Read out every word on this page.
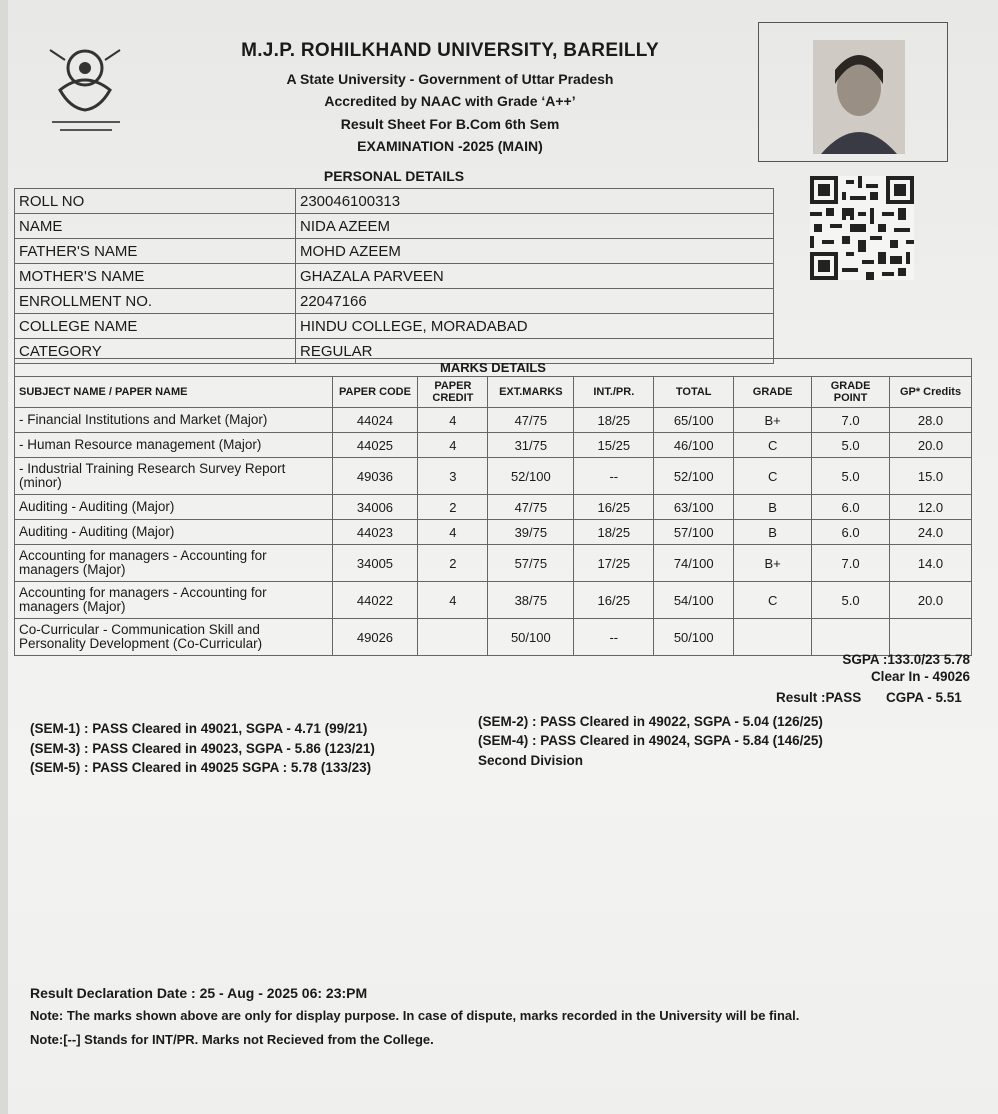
M.J.P. ROHILKHAND UNIVERSITY, BAREILLY
A State University - Government of Uttar Pradesh
Accredited by NAAC with Grade ‘A++’
Result Sheet For B.Com 6th Sem
EXAMINATION -2025 (MAIN)
PERSONAL DETAILS	
ROLL NO	230046100313
NAME	NIDA AZEEM
FATHER'S NAME	MOHD AZEEM
MOTHER'S NAME	GHAZALA PARVEEN
ENROLLMENT NO.	22047166
COLLEGE NAME	HINDU COLLEGE, MORADABAD
CATEGORY	REGULAR
MARKS DETAILS								
SUBJECT NAME / PAPER NAME	PAPER CODE	PAPER CREDIT	EXT.MARKS	INT./PR.	TOTAL	GRADE	GRADE POINT	GP* Credits
- Financial Institutions and Market (Major)	44024	4	47/75	18/25	65/100	B+	7.0	28.0
- Human Resource management (Major)	44025	4	31/75	15/25	46/100	C	5.0	20.0
- Industrial Training Research Survey Report (minor)	49036	3	52/100	--	52/100	C	5.0	15.0
Auditing - Auditing (Major)	34006	2	47/75	16/25	63/100	B	6.0	12.0
Auditing - Auditing (Major)	44023	4	39/75	18/25	57/100	B	6.0	24.0
Accounting for managers - Accounting for managers (Major)	34005	2	57/75	17/25	74/100	B+	7.0	14.0
Accounting for managers - Accounting for managers (Major)	44022	4	38/75	16/25	54/100	C	5.0	20.0
Co-Curricular - Communication Skill and Personality Development (Co-Curricular)	49026		50/100	--	50/100			
SGPA :133.0/23 5.78
Clear In - 49026
Result :PASS CGPA - 5.51
(SEM-1) : PASS Cleared in 49021, SGPA - 4.71 (99/21)
(SEM-3) : PASS Cleared in 49023, SGPA - 5.86 (123/21)
(SEM-5) : PASS Cleared in 49025 SGPA : 5.78 (133/23)
(SEM-2) : PASS Cleared in 49022, SGPA - 5.04 (126/25)
(SEM-4) : PASS Cleared in 49024, SGPA - 5.84 (146/25)
Second Division
Result Declaration Date : 25 - Aug - 2025 06: 23:PM
Note: The marks shown above are only for display purpose. In case of dispute, marks recorded in the University will be final.
Note:[--] Stands for INT/PR. Marks not Recieved from the College.
